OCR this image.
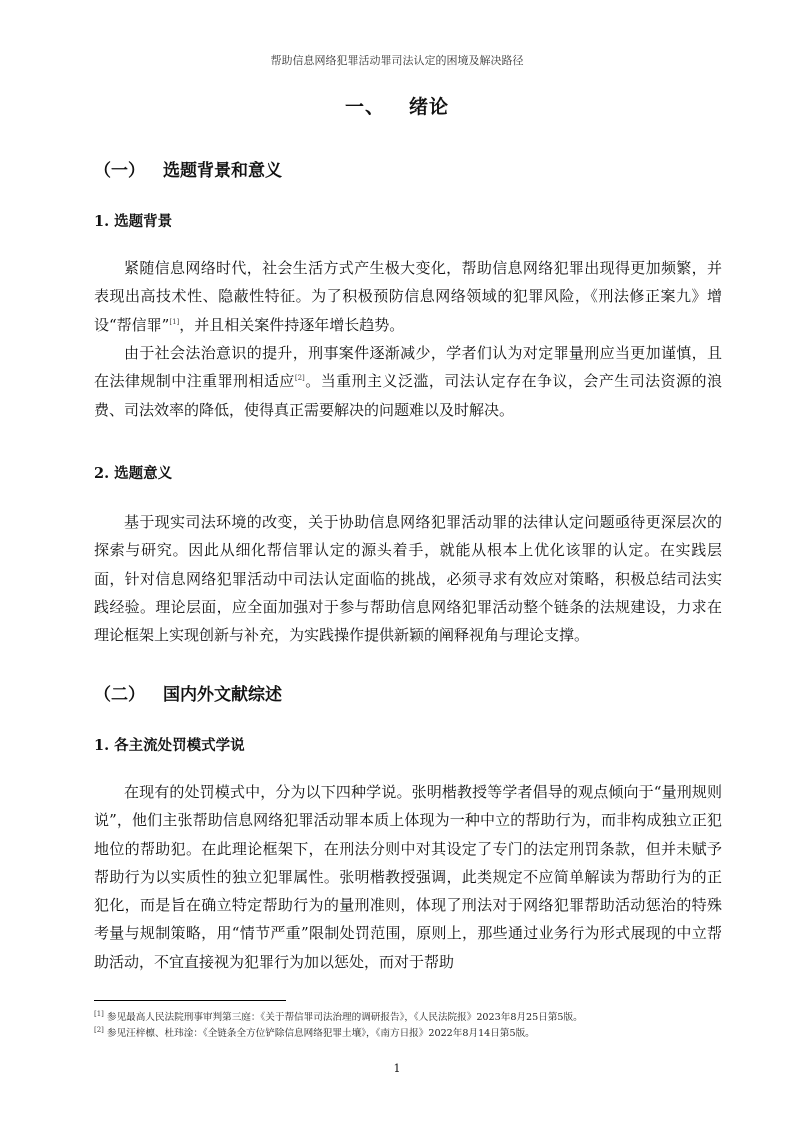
帮助信息网络犯罪活动罪司法认定的困境及解决路径
一、 绪论
（一） 选题背景和意义
1. 选题背景

紧随信息网络时代，社会生活方式产生极大变化，帮助信息网络犯罪出现得更加频繁，并表现出高技术性、隐蔽性特征。为了积极预防信息网络领域的犯罪风险，《刑法修正案九》增设“帮信罪”[1]，并且相关案件持逐年增长趋势。

由于社会法治意识的提升，刑事案件逐渐减少，学者们认为对定罪量刑应当更加谨慎，且在法律规制中注重罪刑相适应[2]。当重刑主义泛滥，司法认定存在争议，会产生司法资源的浪费、司法效率的降低，使得真正需要解决的问题难以及时解决。

2. 选题意义

基于现实司法环境的改变，关于协助信息网络犯罪活动罪的法律认定问题亟待更深层次的探索与研究。因此从细化帮信罪认定的源头着手，就能从根本上优化该罪的认定。在实践层面，针对信息网络犯罪活动中司法认定面临的挑战，必须寻求有效应对策略，积极总结司法实践经验。理论层面，应全面加强对于参与帮助信息网络犯罪活动整个链条的法规建设，力求在理论框架上实现创新与补充，为实践操作提供新颖的阐释视角与理论支撑。

（二） 国内外文献综述
1. 各主流处罚模式学说

在现有的处罚模式中，分为以下四种学说。张明楷教授等学者倡导的观点倾向于“量刑规则说”，他们主张帮助信息网络犯罪活动罪本质上体现为一种中立的帮助行为，而非构成独立正犯地位的帮助犯。在此理论框架下，在刑法分则中对其设定了专门的法定刑罚条款，但并未赋予帮助行为以实质性的独立犯罪属性。张明楷教授强调，此类规定不应简单解读为帮助行为的正犯化，而是旨在确立特定帮助行为的量刑准则，体现了刑法对于网络犯罪帮助活动惩治的特殊考量与规制策略，用“情节严重”限制处罚范围，原则上，那些通过业务行为形式展现的中立帮助活动，不宜直接视为犯罪行为加以惩处，而对于帮助

[1] 参见最高人民法院刑事审判第三庭：《关于帮信罪司法治理的调研报告》，《人民法院报》2023年8月25日第5版。
[2] 参见汪梓檩、杜玮淦：《全链条全方位铲除信息网络犯罪土壤》，《南方日报》2022年8月14日第5版。
1
